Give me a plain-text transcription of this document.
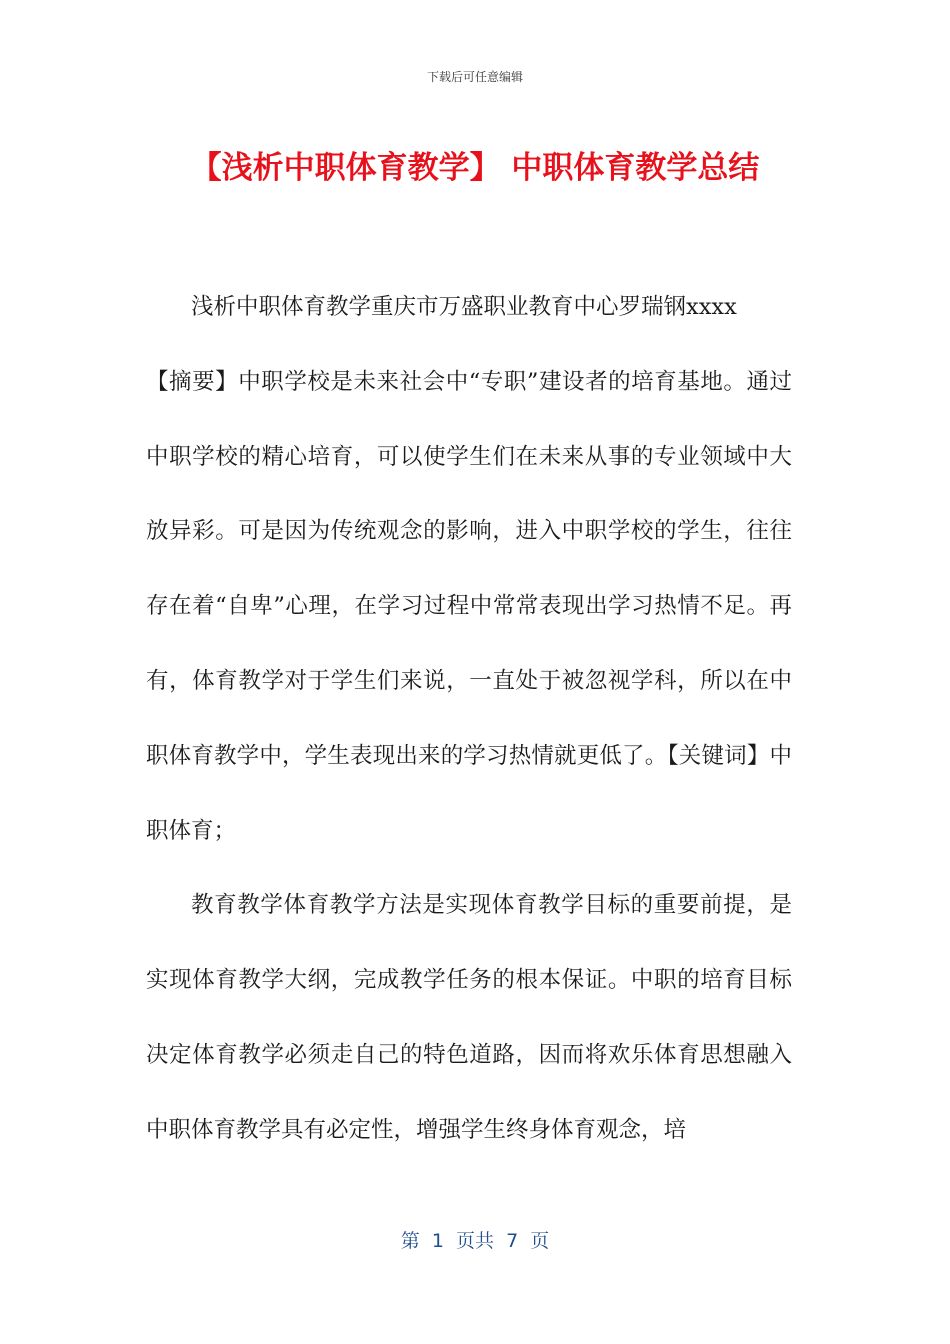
下载后可任意编辑
【浅析中职体育教学】 中职体育教学总结

浅析中职体育教学重庆市万盛职业教育中心罗瑞钢xxxx

【摘要】中职学校是未来社会中“专职”建设者的培育基地。通过中职学校的精心培育，可以使学生们在未来从事的专业领域中大放异彩。可是因为传统观念的影响，进入中职学校的学生，往往存在着“自卑”心理，在学习过程中常常表现出学习热情不足。再有，体育教学对于学生们来说，一直处于被忽视学科，所以在中职体育教学中，学生表现出来的学习热情就更低了。【关键词】中职体育；

教育教学体育教学方法是实现体育教学目标的重要前提，是实现体育教学大纲，完成教学任务的根本保证。中职的培育目标决定体育教学必须走自己的特色道路，因而将欢乐体育思想融入中职体育教学具有必定性，增强学生终身体育观念，培

第  1  页共  7  页
